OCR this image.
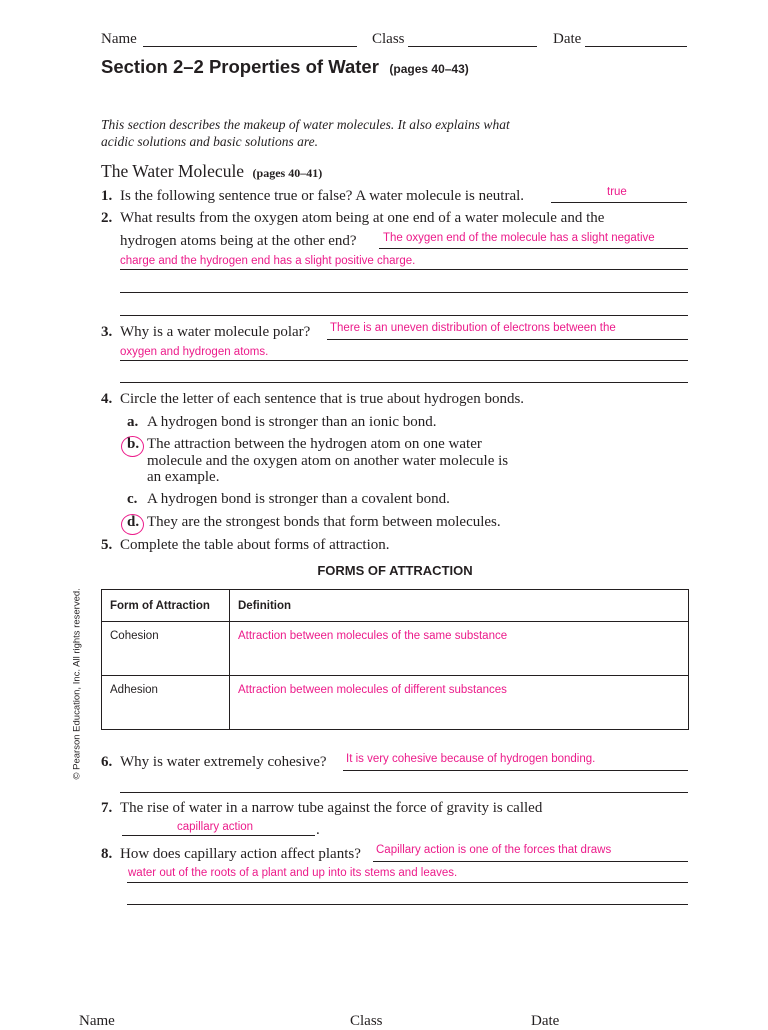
Name	Class	Date
Section 2–2 Properties of Water (pages 40–43)
This section describes the makeup of water molecules. It also explains what
acidic solutions and basic solutions are.
The Water Molecule (pages 40–41)
1. Is the following sentence true or false? A water molecule is neutral.	true
2. What results from the oxygen atom being at one end of a water molecule and the
hydrogen atoms being at the other end? The oxygen end of the molecule has a slight negative
charge and the hydrogen end has a slight positive charge.
3. Why is a water molecule polar? There is an uneven distribution of electrons between the
oxygen and hydrogen atoms.
4. Circle the letter of each sentence that is true about hydrogen bonds.
a. A hydrogen bond is stronger than an ionic bond.
b. The attraction between the hydrogen atom on one water
molecule and the oxygen atom on another water molecule is
an example.
c. A hydrogen bond is stronger than a covalent bond.
d. They are the strongest bonds that form between molecules.
5. Complete the table about forms of attraction.
FORMS OF ATTRACTION
Form of Attraction	Definition
Cohesion	Attraction between molecules of the same substance
Adhesion	Attraction between molecules of different substances
6. Why is water extremely cohesive? It is very cohesive because of hydrogen bonding.
7. The rise of water in a narrow tube against the force of gravity is called
capillary action	.
8. How does capillary action affect plants? Capillary action is one of the forces that draws
water out of the roots of a plant and up into its stems and leaves.
© Pearson Education, Inc. All rights reserved.
Name	Class	Date
